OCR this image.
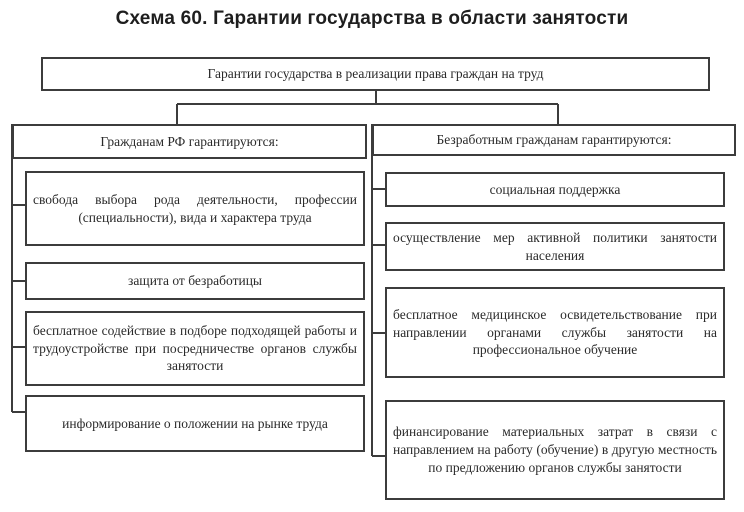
Схема 60. Гарантии государства в области занятости
Гарантии государства в реализации права граждан на труд
Гражданам РФ гарантируются:	Безработным гражданам гарантируются:
свобода выбора рода деятельности, профессии (специальности), вида и характера труда
защита от безработицы
бесплатное содействие в подборе подходящей работы и трудоустройстве при посредничестве органов службы занятости
информирование о положении на рынке труда
социальная поддержка
осуществление мер активной политики занятости населения
бесплатное медицинское освидетельствование при направлении органами службы занятости на профессиональное обучение
финансирование материальных затрат в связи с направлением на работу (обучение) в другую местность по предложению органов службы занятости
